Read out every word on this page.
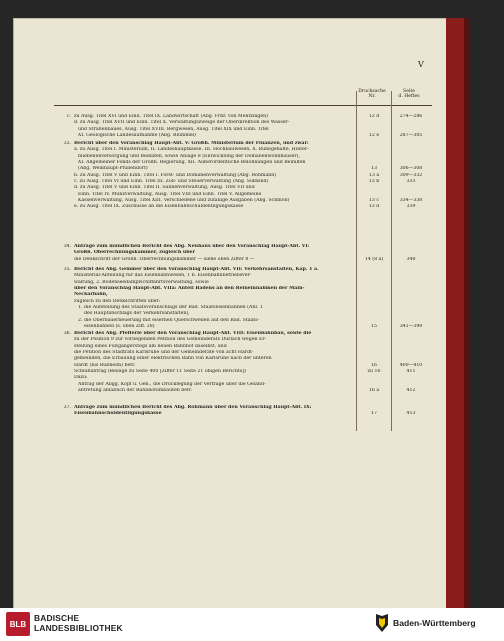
V
Drucksache
Nr.
Seite
d. Heftes
c. zu Ausg. Titel XVI und Einn. Titel IX. Landwirtschaft (Abg. Frhr. von Mentzingen)	12 d	274—286
d. zu Ausg. Titel XVII und Einn. Titel X. Verwaltungszweige der Oberdirektion des Wasser-
und Straßenbaues, Ausg. Titel XVIII. Bergwesen, Ausg. Titel XIX und Einn. Titel
XI. Geologische Landesaufnahme (Abg. Blümmel)	12 e	287—305
33. Bericht über den Voranschlag Haupt-Abt. V: Großh. Ministerium der Finanzen, und zwar:
a. zu Ausg. Titel I. Ministerium, II. Landeshauptkasse, III. Hochbauwesen, X. Ruhegehalte, Hinter-
bliebenenversorgung und Beihilfen, sowie Anlage 8 (Entwicklung der Domänenwohnhäuser),
XI. Allgemeiner Fonds der Großh. Regierung, XII. Außerordentliche Belohnungen und Beihilfen
(Abg. Weißhaupt-Pfullendorf)	13	306—308
b. zu Ausg. Titel V und Einn. Titel I. Forst- und Domänenverwaltung (Abg. Rohmann)	13 a	309—332
c. zu Ausg. Titel VI und Einn. Titel III. Zoll- und Steuerverwaltung (Abg. Süßkind)	13 b	333
d. zu Ausg. Titel V und Einn. Titel II. Salinenverwaltung, Ausg. Titel VII und
Einn. Titel IV. Münzverwaltung, Ausg. Titel VIII und Einn. Titel V. Allgemeine
Kassenverwaltung, Ausg. Titel XIII. Verschiedene und zufällige Ausgaben (Abg. Schmoll)	13 c	334—338
e. zu Ausg. Titel IX. Zuschüsse an die Eisenbahnschuldentilgungskasse	13 d	339
34. Anträge zum mündlichen Bericht des Abg. Neuhaus über den Voranschlag Haupt-Abt. VI:
Großh. Oberrechnungskammer, zugleich über
die Denkschrift der Großh. Oberrechnungskammer — siehe oben Ziffer 8 —	14 (8 a)	340
35. Bericht des Abg. Gemmer über den Voranschlag Haupt-Abt. VII: Verkehrsanstalten, Kap. 1 a.
Ministerial-Abteilung für das Eisenbahnwesen, 1 b. Eisenbahnbetriebsver-
waltung, 2. Bodenseedampfschiffahrtsverwaltung, sowie
über den Voranschlag Haupt-Abt. VIIa: Anteil Badens an den Reineinnahmen der Main-
Neckarbahn,
zugleich zu den Denkschriften über:
1. die Aufstellung des Staatsvoranschlags der Bad. Staatseisenbahnen (Anl. 1
des Hauptanschlags der Verkehrsanstalten),
2. die Oberbauerneuerung mit eisernen Querschwellen auf den Bad. Staats-
eisenbahnen (s. oben Ziff. 28)	15	341—399
36. Bericht des Abg. Pfefferle über den Voranschlag Haupt-Abt. VIII: Eisenbahnbau, sowie die
zu der Position 9 zur vorliegenden Petition des Gemeinderats Durlach wegen Er-
stellung eines Fußgängerstegs am neuen Bahnhof daselbst, und
die Petition des Stadtrats Karlsruhe und der Gemeinderäte von acht Hardt-
gemeinden, die Erbauung einer elektrischen Bahn von Karlsruhe nach der unteren
Hardt (bis Rußheim) betr.	16	400—410
Schlußantrag (Beilage zu Seite 400 [Ziffer 11 Seite 21 obigen Berichts])	zu 16	411
Dazu:
Antrag der Abgg. Kopf u. Gen., die Drucklegung der Verträge über die Geländ-
abtretung anläßlich der Bahnhofumbauten betr.	16 a	412
37. Anträge zum mündlichen Bericht des Abg. Rohmann über den Voranschlag Haupt-Abt. IX:
Eisenbahnschuldentilgungskasse	17	413
BLB
BADISCHE
LANDESBIBLIOTHEK	Baden-Württemberg
